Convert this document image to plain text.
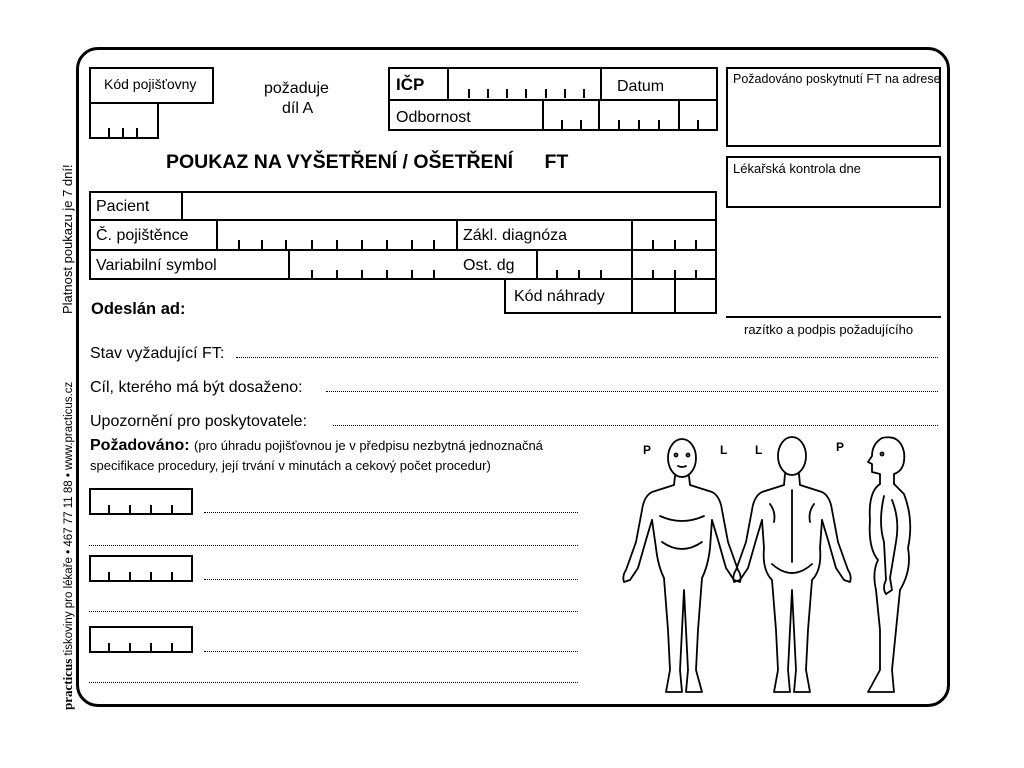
Platnost poukazu je 7 dní!
practicus tiskoviny pro lékaře • 467 77 11 88 • www.practicus.cz
Kód pojišťovny	požaduje
díl A
IČP	Datum
Odbornost
Požadováno poskytnutí FT na adrese
Lékařská kontrola dne
razítko a podpis požadujícího
POUKAZ NA VYŠETŘENÍ / OŠETŘENÍ FT
Pacient
Č. pojištěnce	Zákl. diagnóza
Variabilní symbol	Ost. dg
Kód náhrady
Odeslán ad:
Stav vyžadující FT:
Cíl, kterého má být dosaženo:
Upozornění pro poskytovatele:
Požadováno: (pro úhradu pojišťovnou je v předpisu nezbytná jednoznačná
specifikace procedury, její trvání v minutách a cekový počet procedur)
P	L L	P
